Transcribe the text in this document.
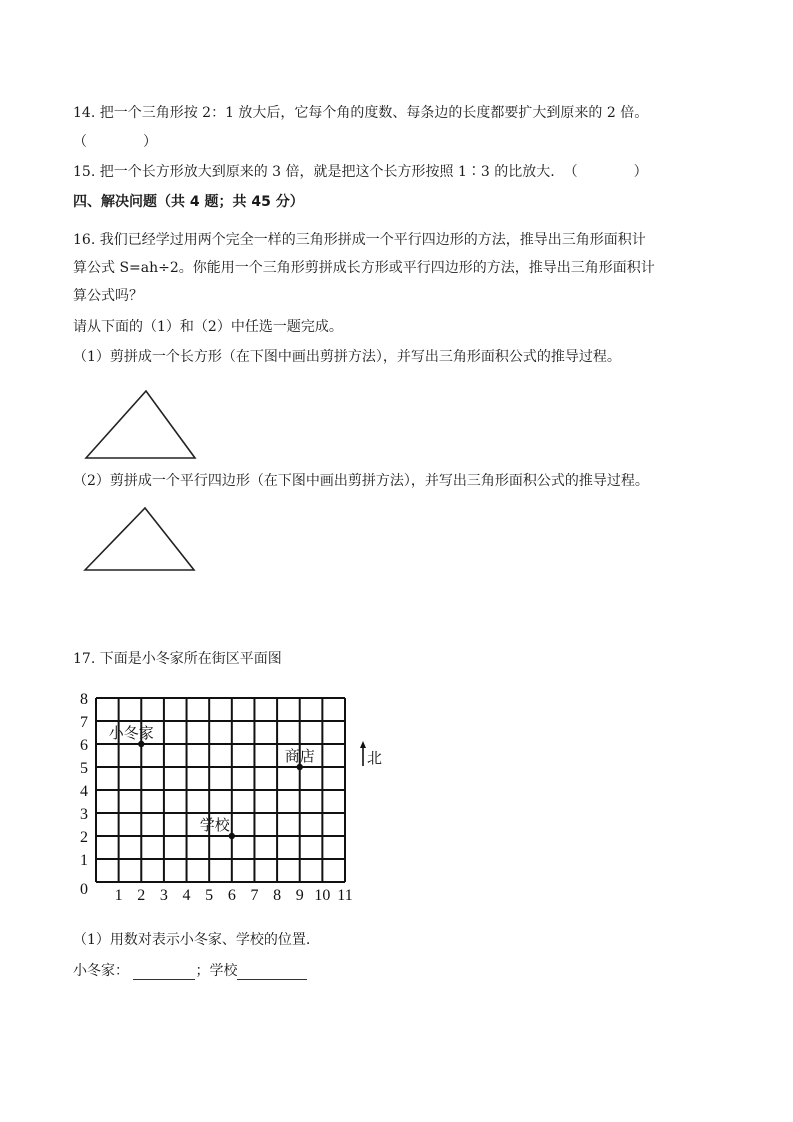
14. 把一个三角形按 2：1 放大后，它每个角的度数、每条边的长度都要扩大到原来的 2 倍。
（　　　　）
15. 把一个长方形放大到原来的 3 倍，就是把这个长方形按照 1∶3 的比放大. （　　　　）
四、解决问题（共 4 题；共 45 分）
16. 我们已经学过用两个完全一样的三角形拼成一个平行四边形的方法，推导出三角形面积计
算公式 S=ah÷2。你能用一个三角形剪拼成长方形或平行四边形的方法，推导出三角形面积计
算公式吗？
请从下面的（1）和（2）中任选一题完成。
（1）剪拼成一个长方形（在下图中画出剪拼方法），并写出三角形面积公式的推导过程。
（2）剪拼成一个平行四边形（在下图中画出剪拼方法），并写出三角形面积公式的推导过程。
17. 下面是小冬家所在街区平面图
0 1 2 3 4 5 6 7 8 9 10 11
1
2
3
4
5
6
7
8
小冬家
学校
商店	北
（1）用数对表示小冬家、学校的位置.
小冬家：	；学校
